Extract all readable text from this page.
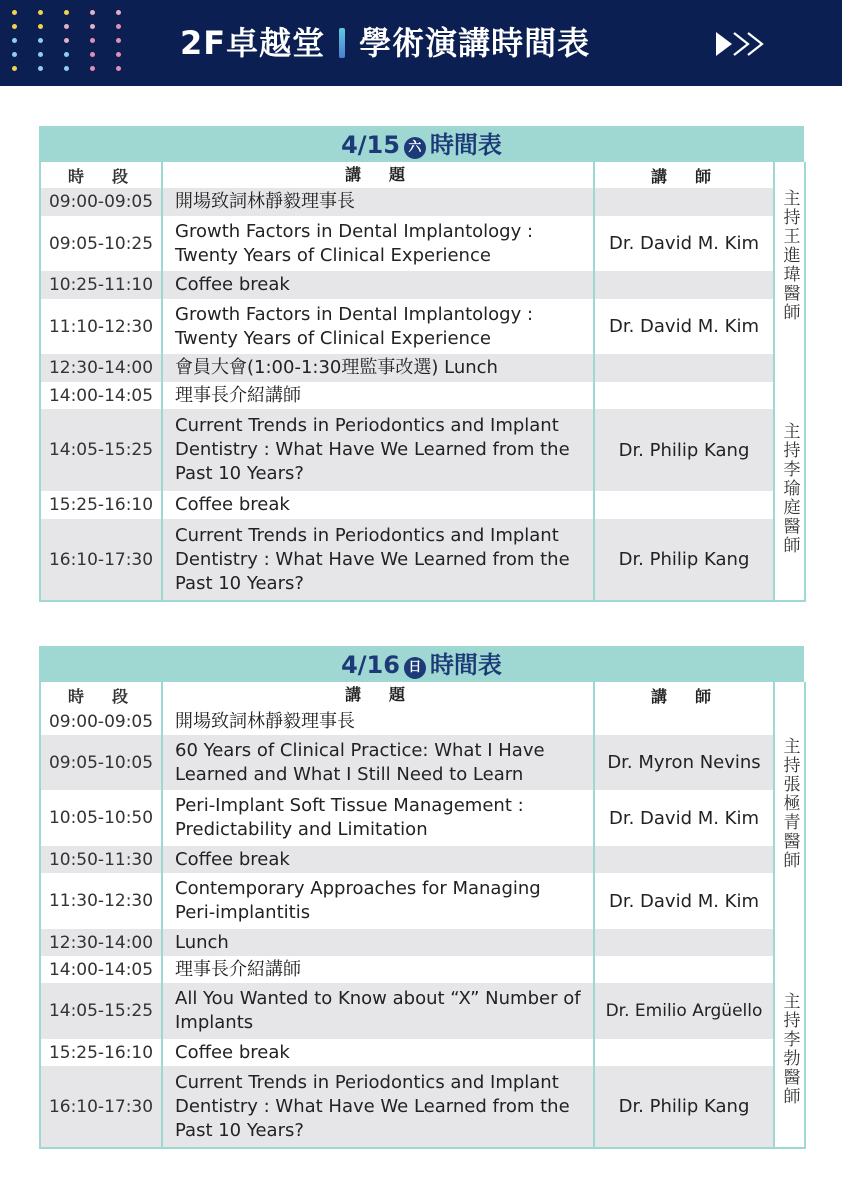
2F卓越堂 學術演講時間表
4/15 六 時間表
時　段	講　題	講　師	主持王進瑋醫師
09:00-09:05	開場致詞林靜毅理事長		
09:05-10:25	Growth Factors in Dental Implantology : Twenty Years of Clinical Experience	Dr. David M. Kim	
10:25-11:10	Coffee break		
11:10-12:30	Growth Factors in Dental Implantology : Twenty Years of Clinical Experience	Dr. David M. Kim	
12:30-14:00	會員大會(1:00-1:30理監事改選) Lunch		
14:00-14:05	理事長介紹講師		主持李瑜庭醫師
14:05-15:25	Current Trends in Periodontics and Implant Dentistry : What Have We Learned from the Past 10 Years?	Dr. Philip Kang	
15:25-16:10	Coffee break		
16:10-17:30	Current Trends in Periodontics and Implant Dentistry : What Have We Learned from the Past 10 Years?	Dr. Philip Kang	
4/16 日 時間表
時　段	講　題	講　師	主持張極青醫師
09:00-09:05	開場致詞林靜毅理事長		
09:05-10:05	60 Years of Clinical Practice: What I Have Learned and What I Still Need to Learn	Dr. Myron Nevins	
10:05-10:50	Peri-Implant Soft Tissue Management : Predictability and Limitation	Dr. David M. Kim	
10:50-11:30	Coffee break		
11:30-12:30	Contemporary Approaches for Managing Peri-implantitis	Dr. David M. Kim	
12:30-14:00	Lunch		
14:00-14:05	理事長介紹講師		主持李勃醫師
14:05-15:25	All You Wanted to Know about “X” Number of Implants	Dr. Emilio Argüello	
15:25-16:10	Coffee break		
16:10-17:30	Current Trends in Periodontics and Implant Dentistry : What Have We Learned from the Past 10 Years?	Dr. Philip Kang	
